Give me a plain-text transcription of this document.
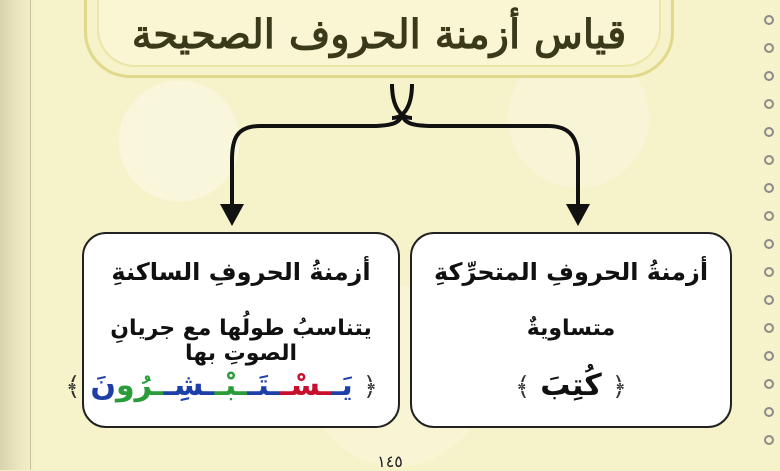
قياس أزمنة الحروف الصحيحة
أزمنةُ الحروفِ الساكنةِ
يتناسبُ طولُها مع جريانِ الصوتِ بها
﴿يَــسْــتَــبْــشِــرُونَ﴾
أزمنةُ الحروفِ المتحرِّكةِ
متساويةٌ
﴿كُتِبَ﴾
١٤٥
